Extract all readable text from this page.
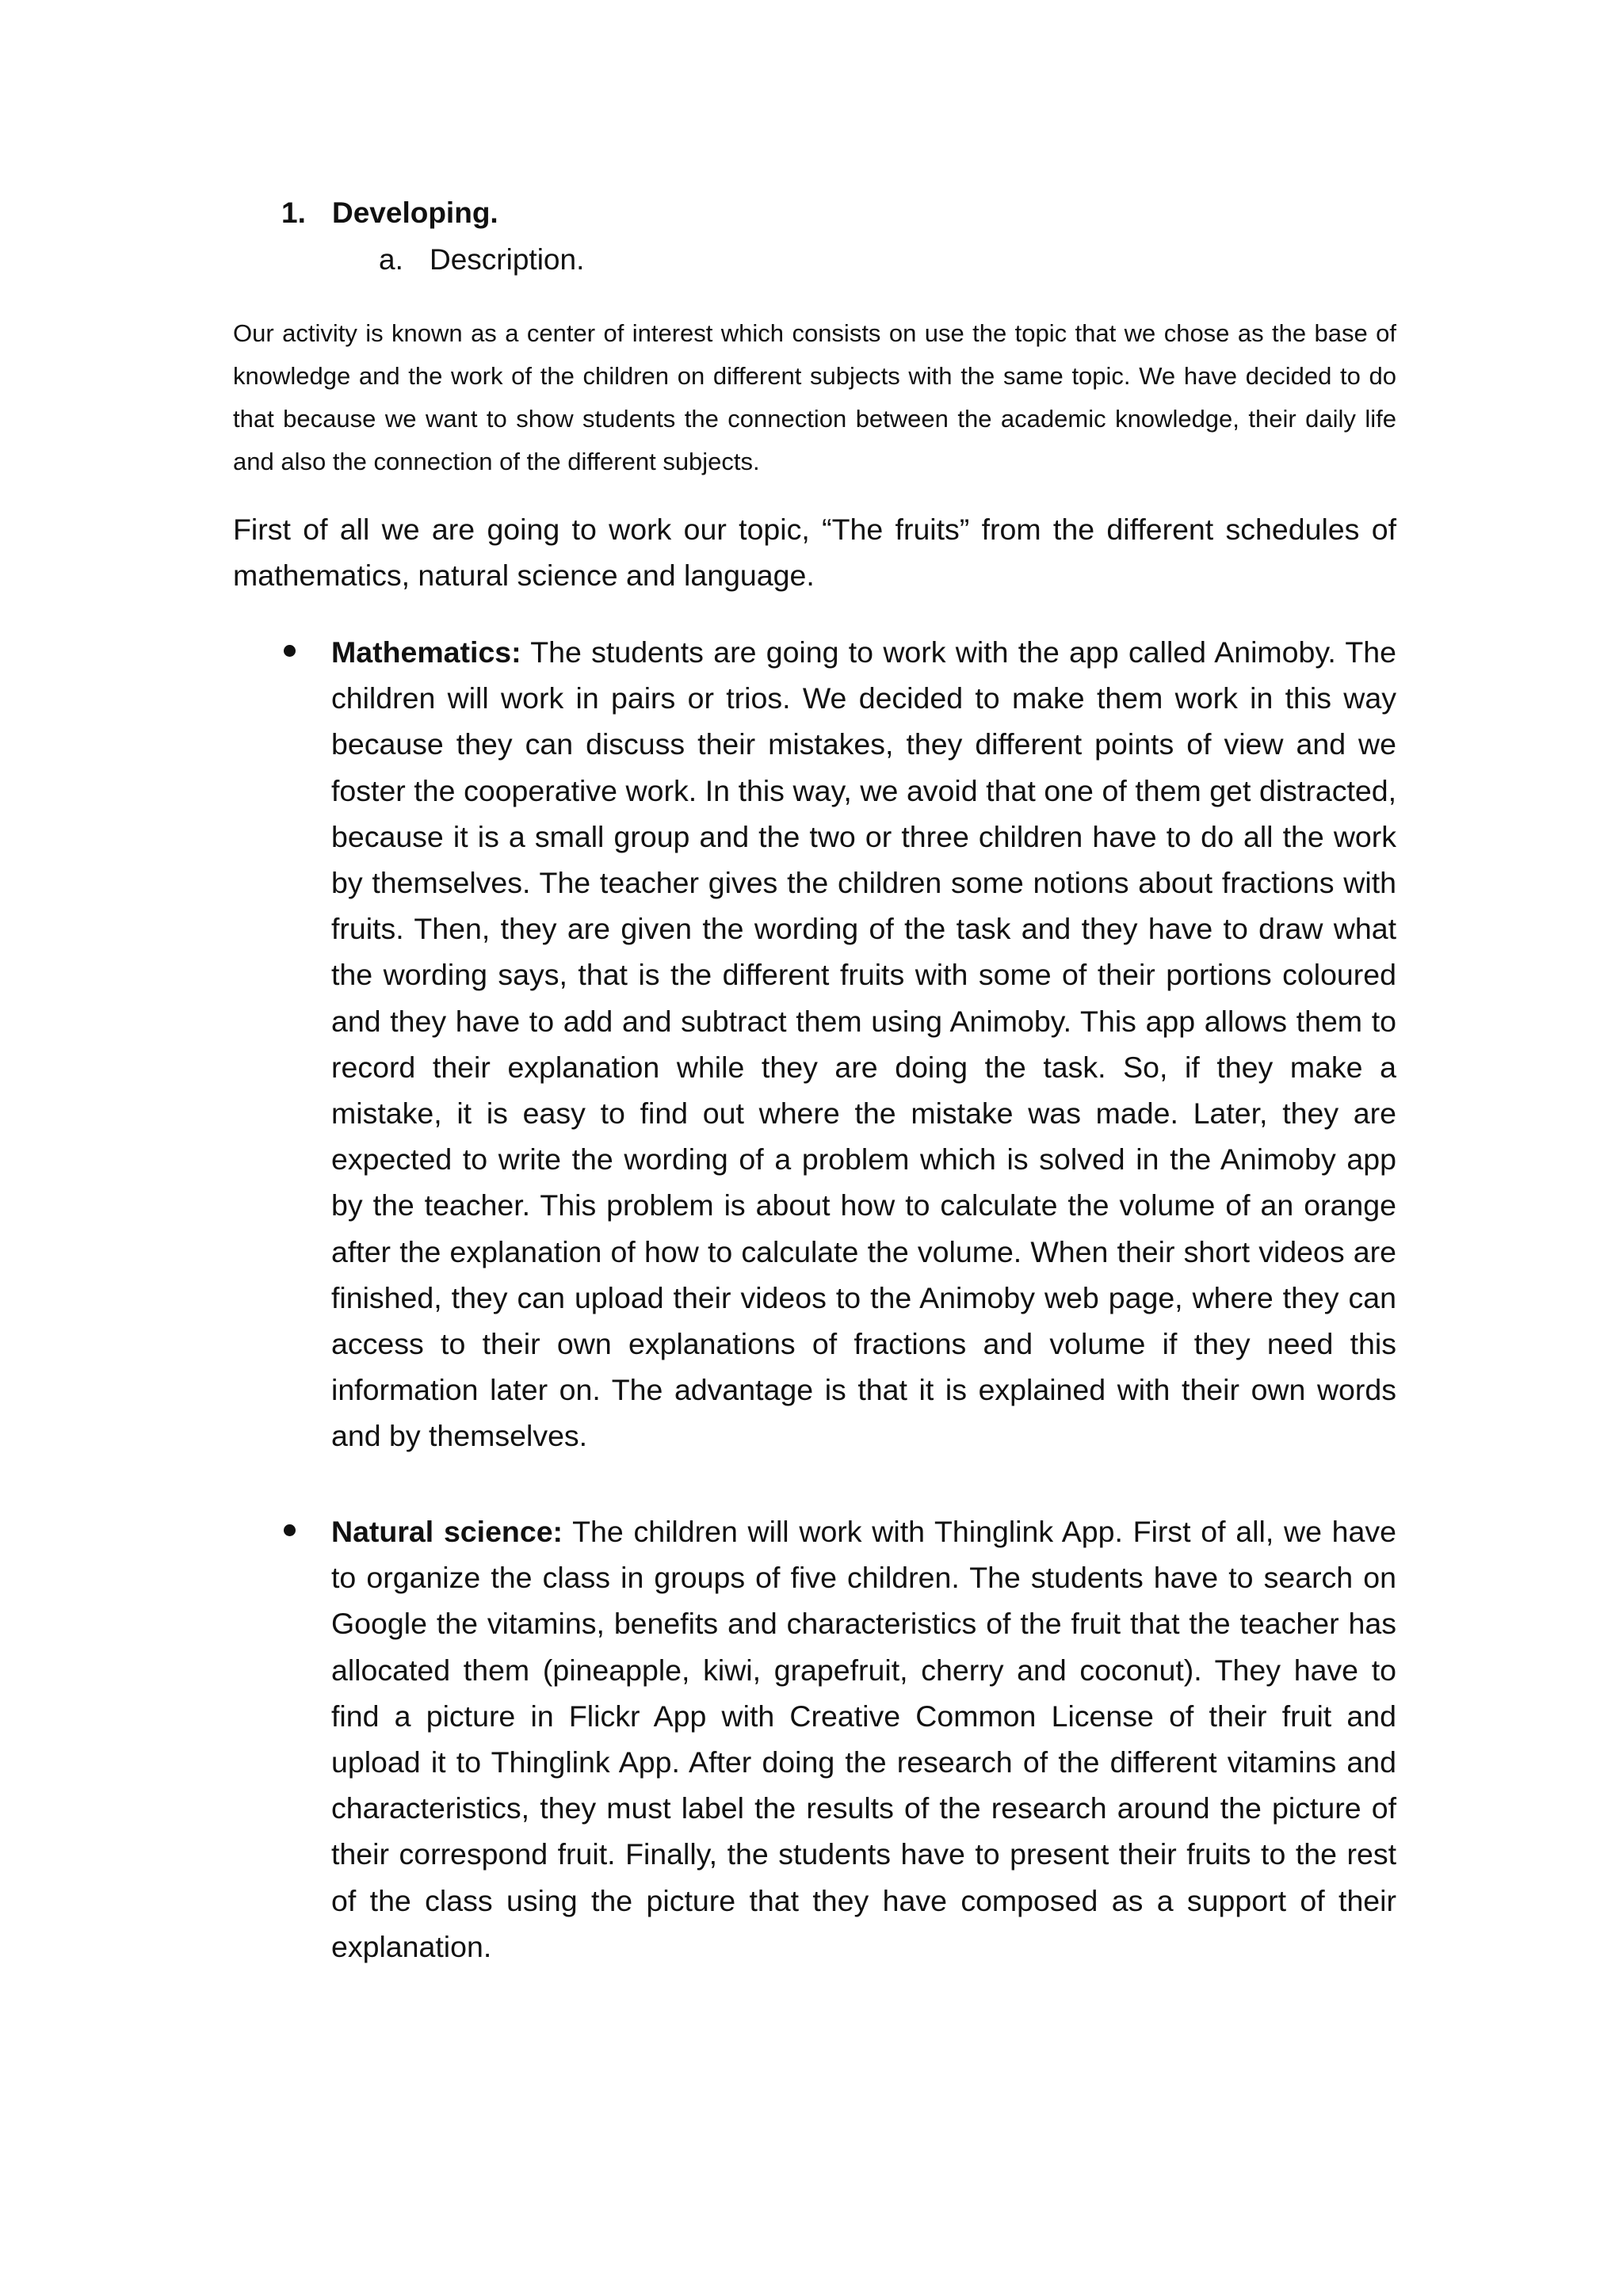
1. Developing.
a. Description.

Our activity is known as a center of interest which consists on use the topic that we chose as the base of knowledge and the work of the children on different subjects with the same topic. We have decided to do that because we want to show students the connection between the academic knowledge, their daily life and also the connection of the different subjects.

First of all we are going to work our topic, “The fruits” from the different schedules of mathematics, natural science and language.

Mathematics: The students are going to work with the app called Animoby. The children will work in pairs or trios. We decided to make them work in this way because they can discuss their mistakes, they different points of view and we foster the cooperative work. In this way, we avoid that one of them get distracted, because it is a small group and the two or three children have to do all the work by themselves. The teacher gives the children some notions about fractions with fruits. Then, they are given the wording of the task and they have to draw what the wording says, that is the different fruits with some of their portions coloured and they have to add and subtract them using Animoby. This app allows them to record their explanation while they are doing the task. So, if they make a mistake, it is easy to find out where the mistake was made. Later, they are expected to write the wording of a problem which is solved in the Animoby app by the teacher. This problem is about how to calculate the volume of an orange after the explanation of how to calculate the volume. When their short videos are finished, they can upload their videos to the Animoby web page, where they can access to their own explanations of fractions and volume if they need this information later on. The advantage is that it is explained with their own words and by themselves.
Natural science: The children will work with Thinglink App. First of all, we have to organize the class in groups of five children. The students have to search on Google the vitamins, benefits and characteristics of the fruit that the teacher has allocated them (pineapple, kiwi, grapefruit, cherry and coconut). They have to find a picture in Flickr App with Creative Common License of their fruit and upload it to Thinglink App. After doing the research of the different vitamins and characteristics, they must label the results of the research around the picture of their correspond fruit. Finally, the students have to present their fruits to the rest of the class using the picture that they have composed as a support of their explanation.
